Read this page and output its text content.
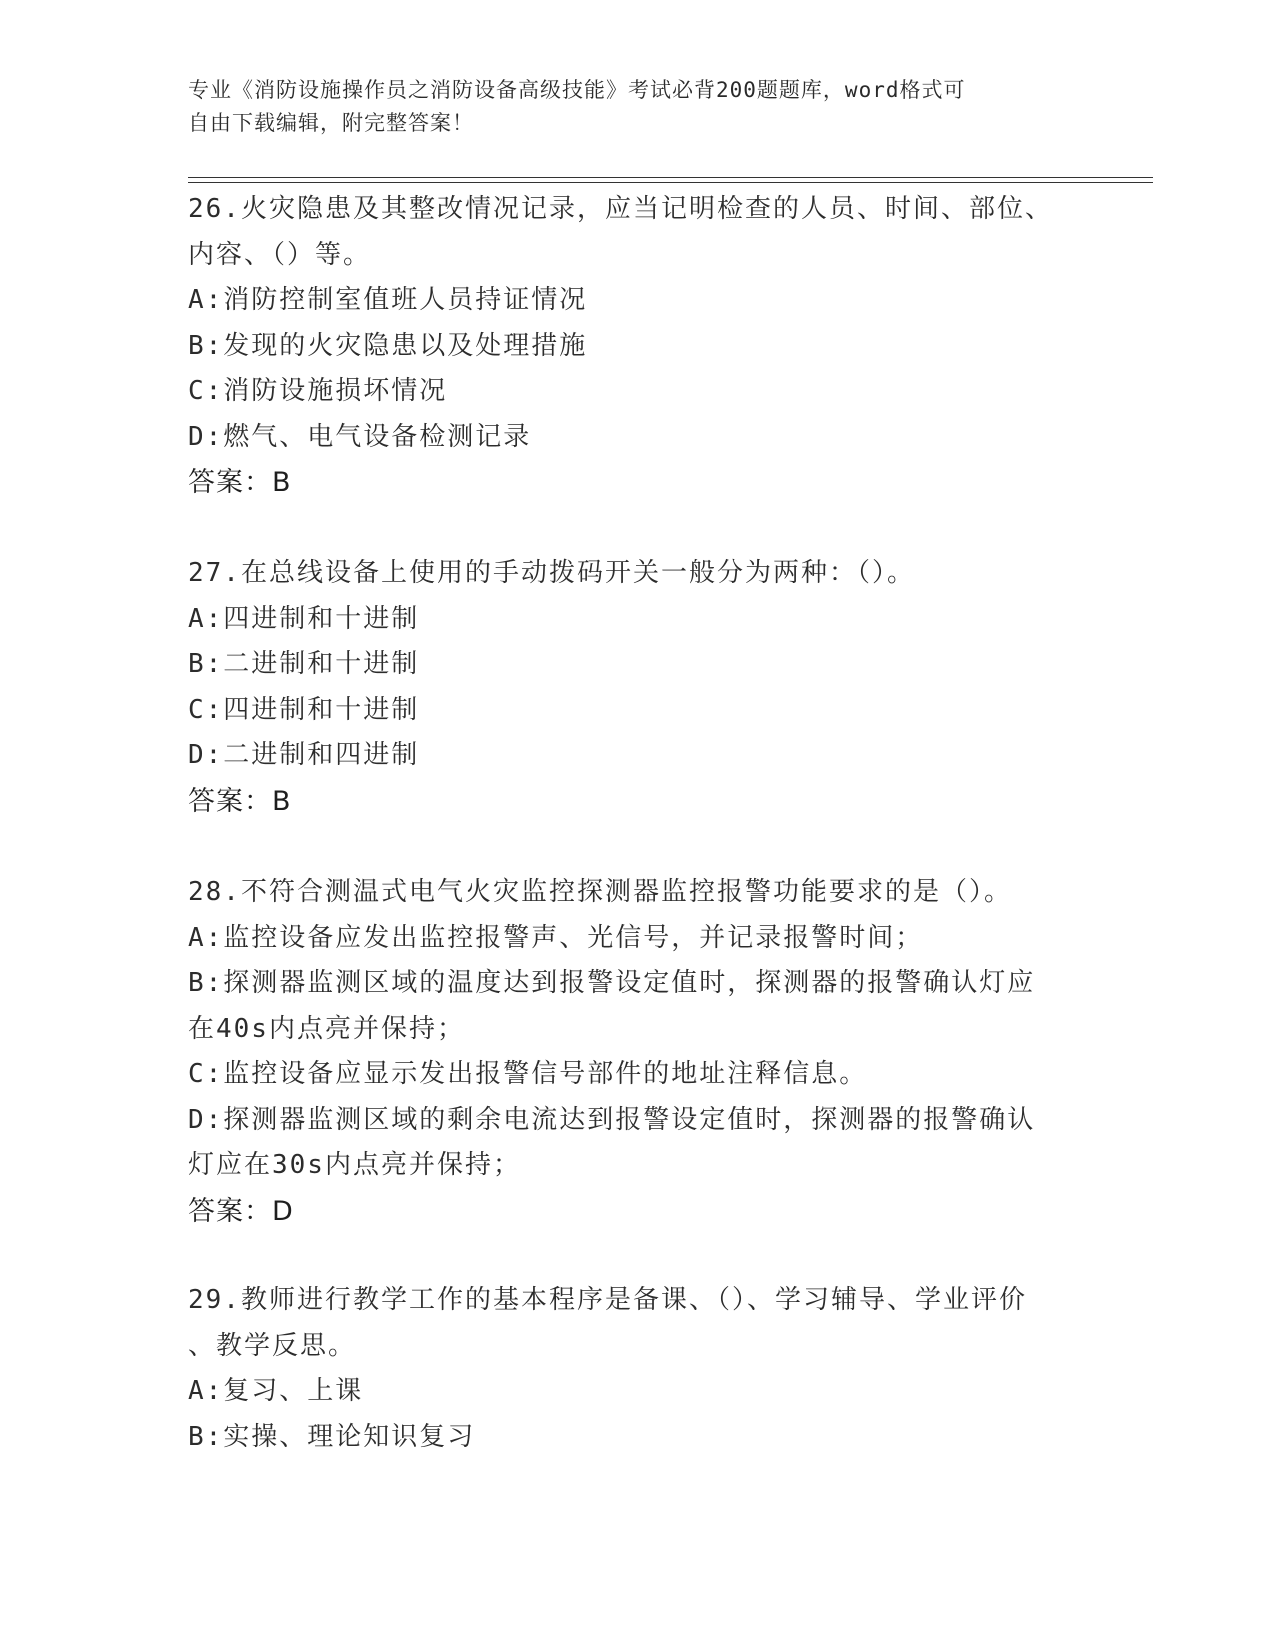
专业《消防设施操作员之消防设备高级技能》考试必背200题题库，word格式可
自由下载编辑，附完整答案！
26.火灾隐患及其整改情况记录，应当记明检查的人员、时间、部位、
内容、（）等。
A:消防控制室值班人员持证情况
B:发现的火灾隐患以及处理措施
C:消防设施损坏情况
D:燃气、电气设备检测记录
答案：B
27.在总线设备上使用的手动拨码开关一般分为两种：（）。
A:四进制和十进制
B:二进制和十进制
C:四进制和十进制
D:二进制和四进制
答案：B
28.不符合测温式电气火灾监控探测器监控报警功能要求的是（）。
A:监控设备应发出监控报警声、光信号，并记录报警时间；
B:探测器监测区域的温度达到报警设定值时，探测器的报警确认灯应
在40s内点亮并保持；
C:监控设备应显示发出报警信号部件的地址注释信息。
D:探测器监测区域的剩余电流达到报警设定值时，探测器的报警确认
灯应在30s内点亮并保持；
答案：D
29.教师进行教学工作的基本程序是备课、（）、学习辅导、学业评价
、教学反思。
A:复习、上课
B:实操、理论知识复习
